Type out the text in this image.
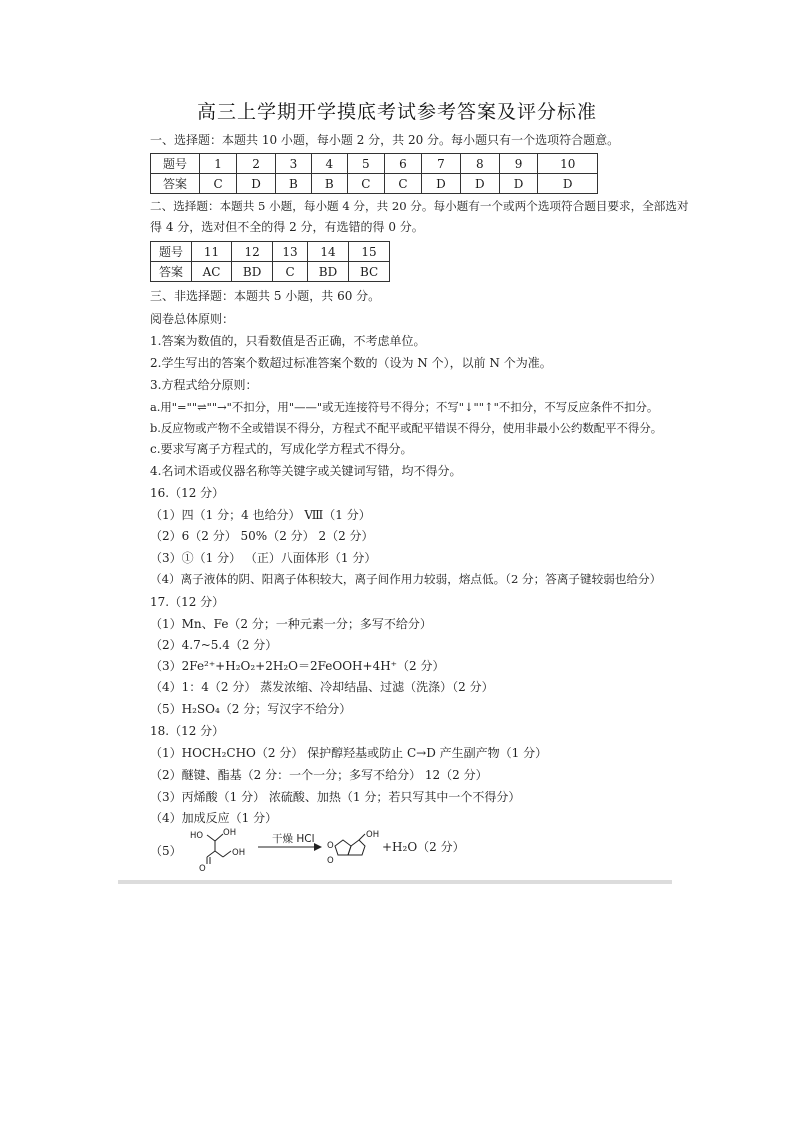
高三上学期开学摸底考试参考答案及评分标准
一、选择题：本题共 10 小题，每小题 2 分，共 20 分。每小题只有一个选项符合题意。
题号	1	2	3	4	5	6	7	8	9	10
答案	C	D	B	B	C	C	D	D	D	D
二、选择题：本题共 5 小题，每小题 4 分，共 20 分。每小题有一个或两个选项符合题目要求，全部选对
得 4 分，选对但不全的得 2 分，有选错的得 0 分。
题号	11	12	13	14	15
答案	AC	BD	C	BD	BC
三、非选择题：本题共 5 小题，共 60 分。
阅卷总体原则：
1.答案为数值的，只看数值是否正确，不考虑单位。
2.学生写出的答案个数超过标准答案个数的（设为 N 个），以前 N 个为准。
3.方程式给分原则：
a.用"=""⇌""→"不扣分，用"——"或无连接符号不得分；不写"↓""↑"不扣分，不写反应条件不扣分。
b.反应物或产物不全或错误不得分，方程式不配平或配平错误不得分，使用非最小公约数配平不得分。
c.要求写离子方程式的，写成化学方程式不得分。
4.名词术语或仪器名称等关键字或关键词写错，均不得分。
16.（12 分）
（1）四（1 分；4 也给分） Ⅷ（1 分）
（2）6（2 分） 50%（2 分） 2（2 分）
（3）①（1 分） （正）八面体形（1 分）
（4）离子液体的阴、阳离子体积较大，离子间作用力较弱，熔点低。（2 分；答离子键较弱也给分）
17.（12 分）
（1）Mn、Fe（2 分；一种元素一分；多写不给分）
（2）4.7~5.4（2 分）
（3）2Fe²⁺+H₂O₂+2H₂O＝2FeOOH+4H⁺（2 分）
（4）1：4（2 分） 蒸发浓缩、冷却结晶、过滤（洗涤）（2 分）
（5）H₂SO₄（2 分；写汉字不给分）
18.（12 分）
（1）HOCH₂CHO（2 分） 保护醇羟基或防止 C→D 产生副产物（1 分）
（2）醚键、酯基（2 分：一个一分；多写不给分） 12（2 分）
（3）丙烯酸（1 分） 浓硫酸、加热（1 分；若只写其中一个不得分）
（4）加成反应（1 分）
（5）
HO OH
O
OH
干燥 HCl	OH
O
O
+H₂O（2 分）
